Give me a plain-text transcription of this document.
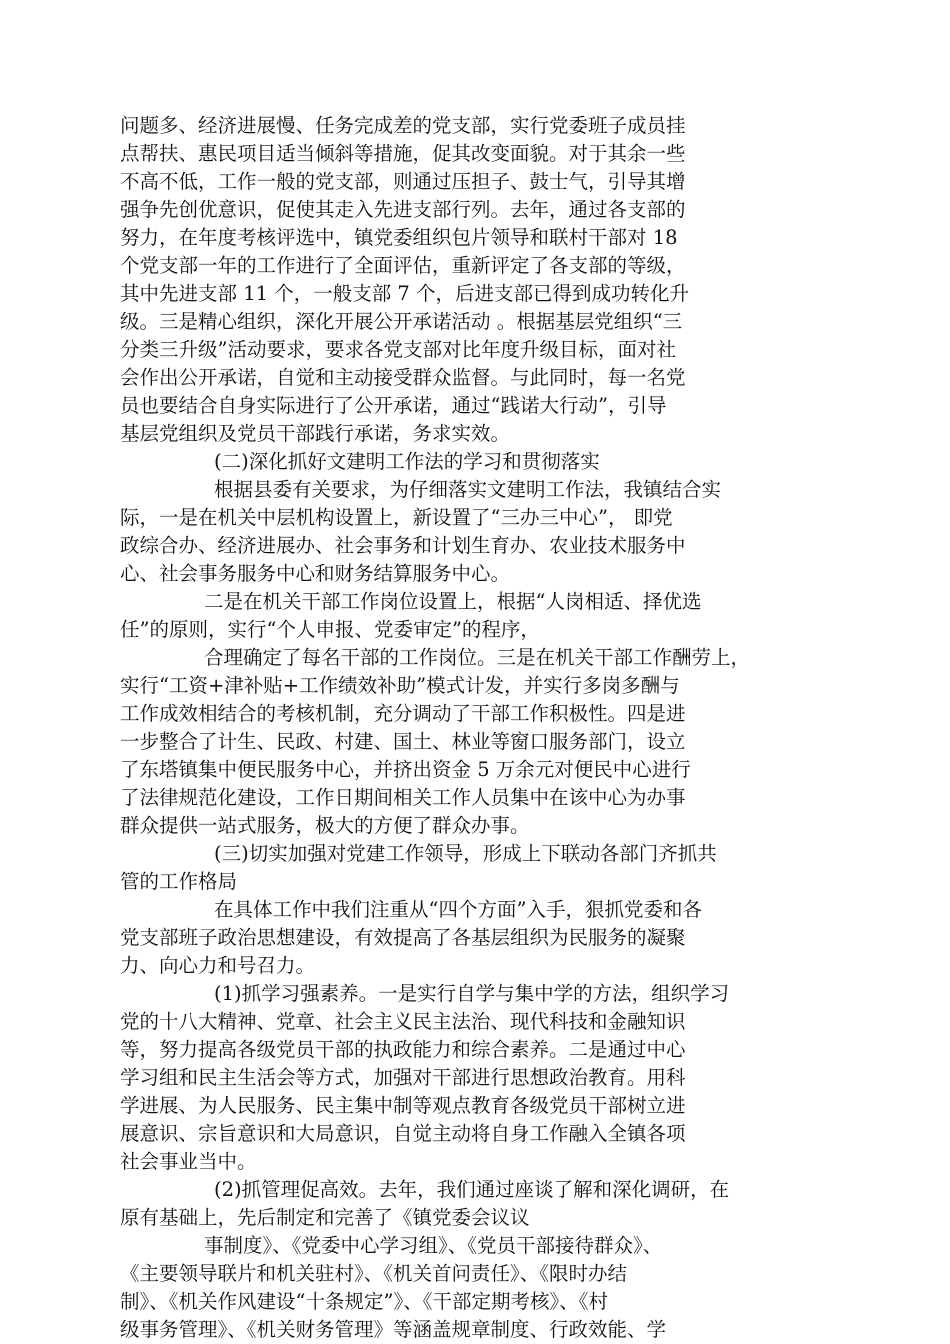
问题多、经济进展慢、任务完成差的党支部，实行党委班子成员挂
点帮扶、惠民项目适当倾斜等措施，促其改变面貌。对于其余一些
不高不低，工作一般的党支部，则通过压担子、鼓士气，引导其增
强争先创优意识，促使其走入先进支部行列。去年，通过各支部的
努力，在年度考核评选中，镇党委组织包片领导和联村干部对 18
个党支部一年的工作进行了全面评估，重新评定了各支部的等级，
其中先进支部 11 个，一般支部 7 个，后进支部已得到成功转化升
级。三是精心组织，深化开展公开承诺活动 。根据基层党组织“三
分类三升级”活动要求，要求各党支部对比年度升级目标，面对社
会作出公开承诺，自觉和主动接受群众监督。与此同时，每一名党
员也要结合自身实际进行了公开承诺，通过“践诺大行动”，引导
基层党组织及党员干部践行承诺，务求实效。
(二)深化抓好文建明工作法的学习和贯彻落实
根据县委有关要求，为仔细落实文建明工作法，我镇结合实
际，一是在机关中层机构设置上，新设置了“三办三中心”， 即党
政综合办、经济进展办、社会事务和计划生育办、农业技术服务中
心、社会事务服务中心和财务结算服务中心。
二是在机关干部工作岗位设置上，根据“人岗相适、择优选
任”的原则，实行“个人申报、党委审定”的程序，
合理确定了每名干部的工作岗位。三是在机关干部工作酬劳上，
实行“工资+津补贴+工作绩效补助”模式计发，并实行多岗多酬与
工作成效相结合的考核机制，充分调动了干部工作积极性。四是进
一步整合了计生、民政、村建、国土、林业等窗口服务部门，设立
了东塔镇集中便民服务中心，并挤出资金 5 万余元对便民中心进行
了法律规范化建设，工作日期间相关工作人员集中在该中心为办事
群众提供一站式服务，极大的方便了群众办事。
(三)切实加强对党建工作领导，形成上下联动各部门齐抓共
管的工作格局
在具体工作中我们注重从“四个方面”入手，狠抓党委和各
党支部班子政治思想建设，有效提高了各基层组织为民服务的凝聚
力、向心力和号召力。
(1)抓学习强素养。一是实行自学与集中学的方法，组织学习
党的十八大精神、党章、社会主义民主法治、现代科技和金融知识
等，努力提高各级党员干部的执政能力和综合素养。二是通过中心
学习组和民主生活会等方式，加强对干部进行思想政治教育。用科
学进展、为人民服务、民主集中制等观点教育各级党员干部树立进
展意识、宗旨意识和大局意识，自觉主动将自身工作融入全镇各项
社会事业当中。
(2)抓管理促高效。去年，我们通过座谈了解和深化调研，在
原有基础上，先后制定和完善了《镇党委会议议
事制度》、《党委中心学习组》、《党员干部接待群众》、
《主要领导联片和机关驻村》、《机关首问责任》、《限时办结
制》、《机关作风建设“十条规定”》、《干部定期考核》、《村
级事务管理》、《机关财务管理》等涵盖规章制度、行政效能、学
